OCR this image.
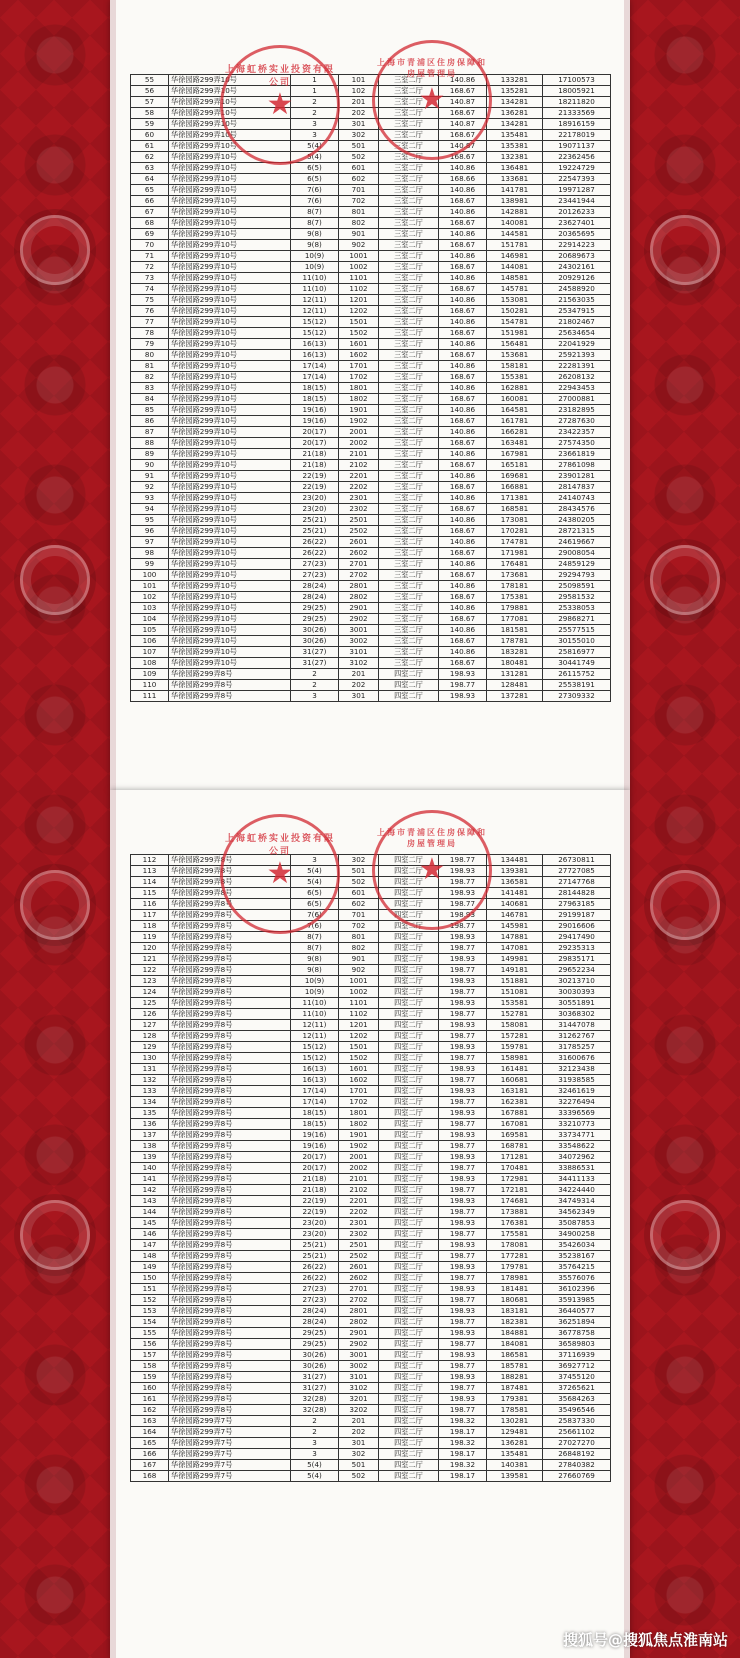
55	华徐园路299弄10号	1	101	三室二厅	140.86	133281	17100573
56	华徐园路299弄10号	1	102	三室二厅	168.67	135281	18005921
57	华徐园路299弄10号	2	201	三室二厅	140.87	134281	18211820
58	华徐园路299弄10号	2	202	三室二厅	168.67	136281	21333569
59	华徐园路299弄10号	3	301	三室二厅	140.87	134281	18916159
60	华徐园路299弄10号	3	302	三室二厅	168.67	135481	22178019
61	华徐园路299弄10号	5(4)	501	三室二厅	140.87	135381	19071137
62	华徐园路299弄10号	5(4)	502	三室二厅	168.67	132381	22362456
63	华徐园路299弄10号	6(5)	601	三室二厅	140.86	136481	19224729
64	华徐园路299弄10号	6(5)	602	三室二厅	168.66	133681	22547393
65	华徐园路299弄10号	7(6)	701	三室二厅	140.86	141781	19971287
66	华徐园路299弄10号	7(6)	702	三室二厅	168.67	138981	23441944
67	华徐园路299弄10号	8(7)	801	三室二厅	140.86	142881	20126233
68	华徐园路299弄10号	8(7)	802	三室二厅	168.67	140081	23627401
69	华徐园路299弄10号	9(8)	901	三室二厅	140.86	144581	20365695
70	华徐园路299弄10号	9(8)	902	三室二厅	168.67	151781	22914223
71	华徐园路299弄10号	10(9)	1001	三室二厅	140.86	146981	20689673
72	华徐园路299弄10号	10(9)	1002	三室二厅	168.67	144081	24302161
73	华徐园路299弄10号	11(10)	1101	三室二厅	140.86	148581	20929126
74	华徐园路299弄10号	11(10)	1102	三室二厅	168.67	145781	24588920
75	华徐园路299弄10号	12(11)	1201	三室二厅	140.86	153081	21563035
76	华徐园路299弄10号	12(11)	1202	三室二厅	168.67	150281	25347915
77	华徐园路299弄10号	15(12)	1501	三室二厅	140.86	154781	21802467
78	华徐园路299弄10号	15(12)	1502	三室二厅	168.67	151981	25634654
79	华徐园路299弄10号	16(13)	1601	三室二厅	140.86	156481	22041929
80	华徐园路299弄10号	16(13)	1602	三室二厅	168.67	153681	25921393
81	华徐园路299弄10号	17(14)	1701	三室二厅	140.86	158181	22281391
82	华徐园路299弄10号	17(14)	1702	三室二厅	168.67	155381	26208132
83	华徐园路299弄10号	18(15)	1801	三室二厅	140.86	162881	22943453
84	华徐园路299弄10号	18(15)	1802	三室二厅	168.67	160081	27000881
85	华徐园路299弄10号	19(16)	1901	三室二厅	140.86	164581	23182895
86	华徐园路299弄10号	19(16)	1902	三室二厅	168.67	161781	27287630
87	华徐园路299弄10号	20(17)	2001	三室二厅	140.86	166281	23422357
88	华徐园路299弄10号	20(17)	2002	三室二厅	168.67	163481	27574350
89	华徐园路299弄10号	21(18)	2101	三室二厅	140.86	167981	23661819
90	华徐园路299弄10号	21(18)	2102	三室二厅	168.67	165181	27861098
91	华徐园路299弄10号	22(19)	2201	三室二厅	140.86	169681	23901281
92	华徐园路299弄10号	22(19)	2202	三室二厅	168.67	166881	28147837
93	华徐园路299弄10号	23(20)	2301	三室二厅	140.86	171381	24140743
94	华徐园路299弄10号	23(20)	2302	三室二厅	168.67	168581	28434576
95	华徐园路299弄10号	25(21)	2501	三室二厅	140.86	173081	24380205
96	华徐园路299弄10号	25(21)	2502	三室二厅	168.67	170281	28721315
97	华徐园路299弄10号	26(22)	2601	三室二厅	140.86	174781	24619667
98	华徐园路299弄10号	26(22)	2602	三室二厅	168.67	171981	29008054
99	华徐园路299弄10号	27(23)	2701	三室二厅	140.86	176481	24859129
100	华徐园路299弄10号	27(23)	2702	三室二厅	168.67	173681	29294793
101	华徐园路299弄10号	28(24)	2801	三室二厅	140.86	178181	25098591
102	华徐园路299弄10号	28(24)	2802	三室二厅	168.67	175381	29581532
103	华徐园路299弄10号	29(25)	2901	三室二厅	140.86	179881	25338053
104	华徐园路299弄10号	29(25)	2902	三室二厅	168.67	177081	29868271
105	华徐园路299弄10号	30(26)	3001	三室二厅	140.86	181581	25577515
106	华徐园路299弄10号	30(26)	3002	三室二厅	168.67	178781	30155010
107	华徐园路299弄10号	31(27)	3101	三室二厅	140.86	183281	25816977
108	华徐园路299弄10号	31(27)	3102	三室二厅	168.67	180481	30441749
109	华徐园路299弄8号	2	201	四室二厅	198.93	131281	26115752
110	华徐园路299弄8号	2	202	四室二厅	198.77	128481	25538191
111	华徐园路299弄8号	3	301	四室二厅	198.93	137281	27309332
上海虹桥实业投资有限公司
★
上海市青浦区住房保障和房屋管理局
★
112	华徐园路299弄8号	3	302	四室二厅	198.77	134481	26730811
113	华徐园路299弄8号	5(4)	501	四室二厅	198.93	139381	27727085
114	华徐园路299弄8号	5(4)	502	四室二厅	198.77	136581	27147768
115	华徐园路299弄8号	6(5)	601	四室二厅	198.93	141481	28144828
116	华徐园路299弄8号	6(5)	602	四室二厅	198.77	140681	27963185
117	华徐园路299弄8号	7(6)	701	四室二厅	198.93	146781	29199187
118	华徐园路299弄8号	7(6)	702	四室二厅	198.77	145981	29016606
119	华徐园路299弄8号	8(7)	801	四室二厅	198.93	147881	29417490
120	华徐园路299弄8号	8(7)	802	四室二厅	198.77	147081	29235313
121	华徐园路299弄8号	9(8)	901	四室二厅	198.93	149981	29835171
122	华徐园路299弄8号	9(8)	902	四室二厅	198.77	149181	29652234
123	华徐园路299弄8号	10(9)	1001	四室二厅	198.93	151881	30213710
124	华徐园路299弄8号	10(9)	1002	四室二厅	198.77	151081	30030393
125	华徐园路299弄8号	11(10)	1101	四室二厅	198.93	153581	30551891
126	华徐园路299弄8号	11(10)	1102	四室二厅	198.77	152781	30368302
127	华徐园路299弄8号	12(11)	1201	四室二厅	198.93	158081	31447078
128	华徐园路299弄8号	12(11)	1202	四室二厅	198.77	157281	31262767
129	华徐园路299弄8号	15(12)	1501	四室二厅	198.93	159781	31785257
130	华徐园路299弄8号	15(12)	1502	四室二厅	198.77	158981	31600676
131	华徐园路299弄8号	16(13)	1601	四室二厅	198.93	161481	32123438
132	华徐园路299弄8号	16(13)	1602	四室二厅	198.77	160681	31938585
133	华徐园路299弄8号	17(14)	1701	四室二厅	198.93	163181	32461619
134	华徐园路299弄8号	17(14)	1702	四室二厅	198.77	162381	32276494
135	华徐园路299弄8号	18(15)	1801	四室二厅	198.93	167881	33396569
136	华徐园路299弄8号	18(15)	1802	四室二厅	198.77	167081	33210773
137	华徐园路299弄8号	19(16)	1901	四室二厅	198.93	169581	33734771
138	华徐园路299弄8号	19(16)	1902	四室二厅	198.77	168781	33548622
139	华徐园路299弄8号	20(17)	2001	四室二厅	198.93	171281	34072962
140	华徐园路299弄8号	20(17)	2002	四室二厅	198.77	170481	33886531
141	华徐园路299弄8号	21(18)	2101	四室二厅	198.93	172981	34411133
142	华徐园路299弄8号	21(18)	2102	四室二厅	198.77	172181	34224440
143	华徐园路299弄8号	22(19)	2201	四室二厅	198.93	174681	34749314
144	华徐园路299弄8号	22(19)	2202	四室二厅	198.77	173881	34562349
145	华徐园路299弄8号	23(20)	2301	四室二厅	198.93	176381	35087853
146	华徐园路299弄8号	23(20)	2302	四室二厅	198.77	175581	34900258
147	华徐园路299弄8号	25(21)	2501	四室二厅	198.93	178081	35426034
148	华徐园路299弄8号	25(21)	2502	四室二厅	198.77	177281	35238167
149	华徐园路299弄8号	26(22)	2601	四室二厅	198.93	179781	35764215
150	华徐园路299弄8号	26(22)	2602	四室二厅	198.77	178981	35576076
151	华徐园路299弄8号	27(23)	2701	四室二厅	198.93	181481	36102396
152	华徐园路299弄8号	27(23)	2702	四室二厅	198.77	180681	35913985
153	华徐园路299弄8号	28(24)	2801	四室二厅	198.93	183181	36440577
154	华徐园路299弄8号	28(24)	2802	四室二厅	198.77	182381	36251894
155	华徐园路299弄8号	29(25)	2901	四室二厅	198.93	184881	36778758
156	华徐园路299弄8号	29(25)	2902	四室二厅	198.77	184081	36589803
157	华徐园路299弄8号	30(26)	3001	四室二厅	198.93	186581	37116939
158	华徐园路299弄8号	30(26)	3002	四室二厅	198.77	185781	36927712
159	华徐园路299弄8号	31(27)	3101	四室二厅	198.93	188281	37455120
160	华徐园路299弄8号	31(27)	3102	四室二厅	198.77	187481	37265621
161	华徐园路299弄8号	32(28)	3201	四室二厅	198.93	179381	35684263
162	华徐园路299弄8号	32(28)	3202	四室二厅	198.77	178581	35496546
163	华徐园路299弄7号	2	201	四室二厅	198.32	130281	25837330
164	华徐园路299弄7号	2	202	四室二厅	198.17	129481	25661102
165	华徐园路299弄7号	3	301	四室二厅	198.32	136281	27027270
166	华徐园路299弄7号	3	302	四室二厅	198.17	135481	26848192
167	华徐园路299弄7号	5(4)	501	四室二厅	198.32	140381	27840382
168	华徐园路299弄7号	5(4)	502	四室二厅	198.17	139581	27660769
上海虹桥实业投资有限公司
★
上海市青浦区住房保障和房屋管理局
★
搜狐号@搜狐焦点淮南站
